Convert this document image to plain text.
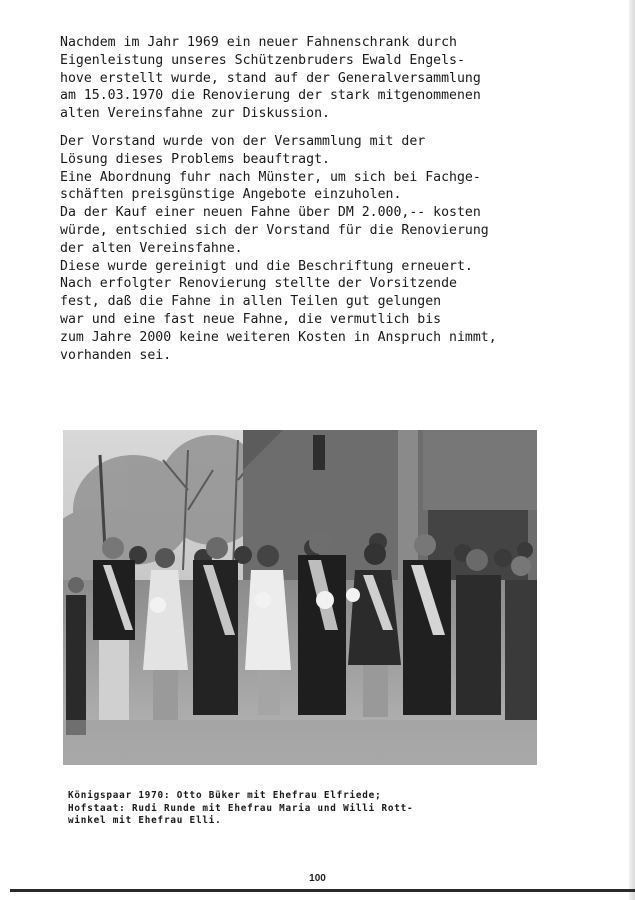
Nachdem im Jahr 1969 ein neuer Fahnenschrank durch
Eigenleistung unseres Schützenbruders Ewald Engels-
hove erstellt wurde, stand auf der Generalversammlung
am 15.03.1970 die Renovierung der stark mitgenommenen
alten Vereinsfahne zur Diskussion.
Der Vorstand wurde von der Versammlung mit der
Lösung dieses Problems beauftragt.
Eine Abordnung fuhr nach Münster, um sich bei Fachge-
schäften preisgünstige Angebote einzuholen.
Da der Kauf einer neuen Fahne über DM 2.000,-- kosten
würde, entschied sich der Vorstand für die Renovierung
der alten Vereinsfahne.
Diese wurde gereinigt und die Beschriftung erneuert.
Nach erfolgter Renovierung stellte der Vorsitzende
fest, daß die Fahne in allen Teilen gut gelungen
war und eine fast neue Fahne, die vermutlich bis
zum Jahre 2000 keine weiteren Kosten in Anspruch nimmt,
vorhanden sei.
Königspaar 1970: Otto Büker mit Ehefrau Elfriede;
Hofstaat: Rudi Runde mit Ehefrau Maria und Willi Rott-
winkel mit Ehefrau Elli.
100
